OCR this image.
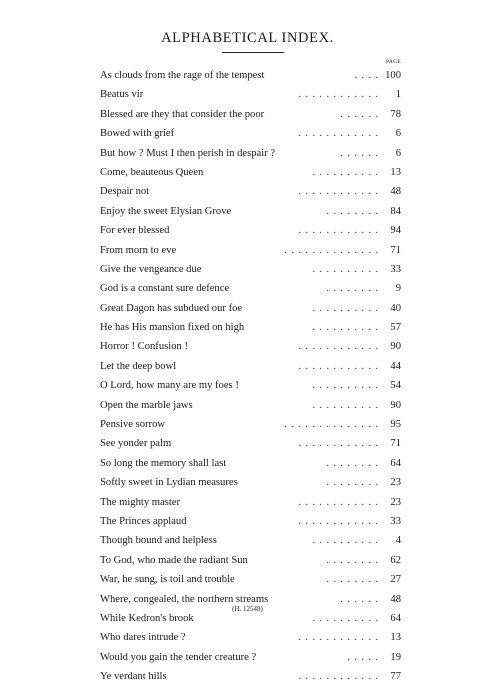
ALPHABETICAL INDEX.
PAGE
As clouds from the rage of the tempest	. . . . 100
Beatus vir	. . . . . . . . . . . .	1
Blessed are they that consider the poor	. . . . . .	78
Bowed with grief	. . . . . . . . . . . .	6
But how ? Must I then perish in despair ?	. . . . . .	6
Come, beauteous Queen	. . . . . . . . . .	13
Despair not	. . . . . . . . . . . .	48
Enjoy the sweet Elysian Grove	. . . . . . . .	84
For ever blessed	. . . . . . . . . . . .	94
From morn to eve	. . . . . . . . . . . . . .	71
Give the vengeance due	. . . . . . . . . .	33
God is a constant sure defence	. . . . . . . .	9
Great Dagon has subdued our foe	. . . . . . . . . .	40
He has His mansion fixed on high	. . . . . . . . . .	57
Horror ! Confusion !	. . . . . . . . . . . .	90
Let the deep bowl	. . . . . . . . . . . .	44
O Lord, how many are my foes !	. . . . . . . . . .	54
Open the marble jaws	. . . . . . . . . .	90
Pensive sorrow	. . . . . . . . . . . . . .	95
See yonder palm	. . . . . . . . . . . .	71
So long the memory shall last	. . . . . . . .	64
Softly sweet in Lydian measures	. . . . . . . .	23
The mighty master	. . . . . . . . . . . .	23
The Princes applaud	. . . . . . . . . . . .	33
Though bound and helpless	. . . . . . . . . .	4
To God, who made the radiant Sun	. . . . . . . .	62
War, he sung, is toil and trouble	. . . . . . . .	27
Where, congealed, the northern streams	. . . . . .	48
While Kedron's brook	. . . . . . . . . .	64
Who dares intrude ?	. . . . . . . . . . . .	13
Would you gain the tender creature ?	. . . . .	19
Ye verdant hills	. . . . . . . . . . . .	77
(H. 12549)
